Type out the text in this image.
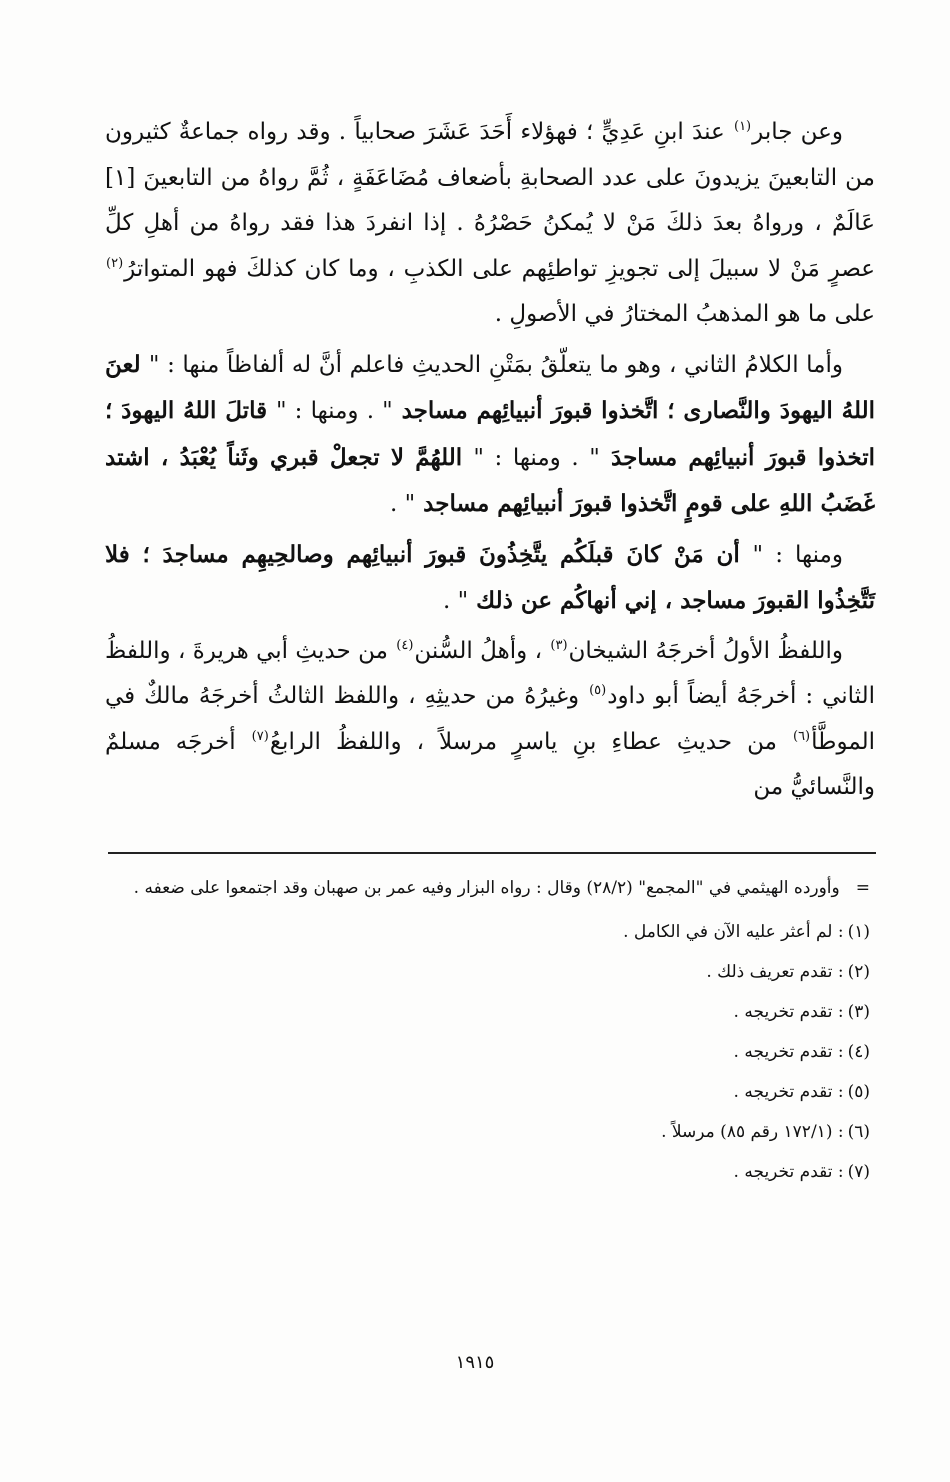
وعن جابر$^{(١)}$ عندَ ابنِ عَدِيٍّ ؛ فهؤلاء أَحَدَ عَشَرَ صحابياً . وقد رواه جماعةٌ كثيرون من التابعينَ يزيدونَ على عدد الصحابةِ بأضعاف مُضَاعَفَةٍ ، ثُمَّ رواهُ من التابعينَ [١] عَالَمٌ ، ورواهُ بعدَ ذلكَ مَنْ لا يُمكنُ حَصْرُهُ . إذا انفردَ هذا فقد رواهُ من أهلِ كلِّ عصرٍ مَنْ لا سبيلَ إلى تجويزِ تواطئِهم على الكذبِ ، وما كان كذلكَ فهو المتواترُ$^{(٢)}$ على ما هو المذهبُ المختارُ في الأصولِ .

وأما الكلامُ الثاني ، وهو ما يتعلّقُ بمَتْنِ الحديثِ فاعلم أنَّ له ألفاظاً منها : " لعنَ اللهُ اليهودَ والنَّصارى ؛ اتَّخذوا قبورَ أنبيائِهم مساجد " . ومنها : " قاتلَ اللهُ اليهودَ ؛ اتخذوا قبورَ أنبيائِهم مساجدَ " . ومنها : " اللهُمَّ لا تجعلْ قبري وثَناً يُعْبَدُ ، اشتد غَضَبُ اللهِ على قومٍ اتَّخذوا قبورَ أنبيائِهم مساجد " .

ومنها : " أن مَنْ كانَ قبلَكُم يتَّخِذُونَ قبورَ أنبيائِهم وصالحِيهِم مساجدَ ؛ فلا تَتَّخِذُوا القبورَ مساجد ، إني أنهاكُم عن ذلك " .

واللفظُ الأولُ أخرجَهُ الشيخان$^{(٣)}$ ، وأهلُ السُّنن$^{(٤)}$ من حديثِ أبي هريرةَ ، واللفظُ الثاني : أخرجَهُ أيضاً أبو داود$^{(٥)}$ وغيرُهُ من حديثِهِ ، واللفظ الثالثُ أخرجَهُ مالكٌ في الموطَّأ$^{(٦)}$ من حديثِ عطاءِ بنِ ياسرٍ مرسلاً ، واللفظُ الرابعُ$^{(٧)}$ أخرجَه مسلمٌ والنَّسائيُّ من

=وأورده الهيثمي في "المجمع" (٢٨/٢) وقال : رواه البزار وفيه عمر بن صهبان وقد اجتمعوا على ضعفه .

(١): لم أعثر عليه الآن في الكامل .

(٢): تقدم تعريف ذلك .

(٣): تقدم تخريجه .

(٤): تقدم تخريجه .

(٥): تقدم تخريجه .

(٦): (١٧٢/١ رقم ٨٥) مرسلاً .

(٧): تقدم تخريجه .

١٩١٥
